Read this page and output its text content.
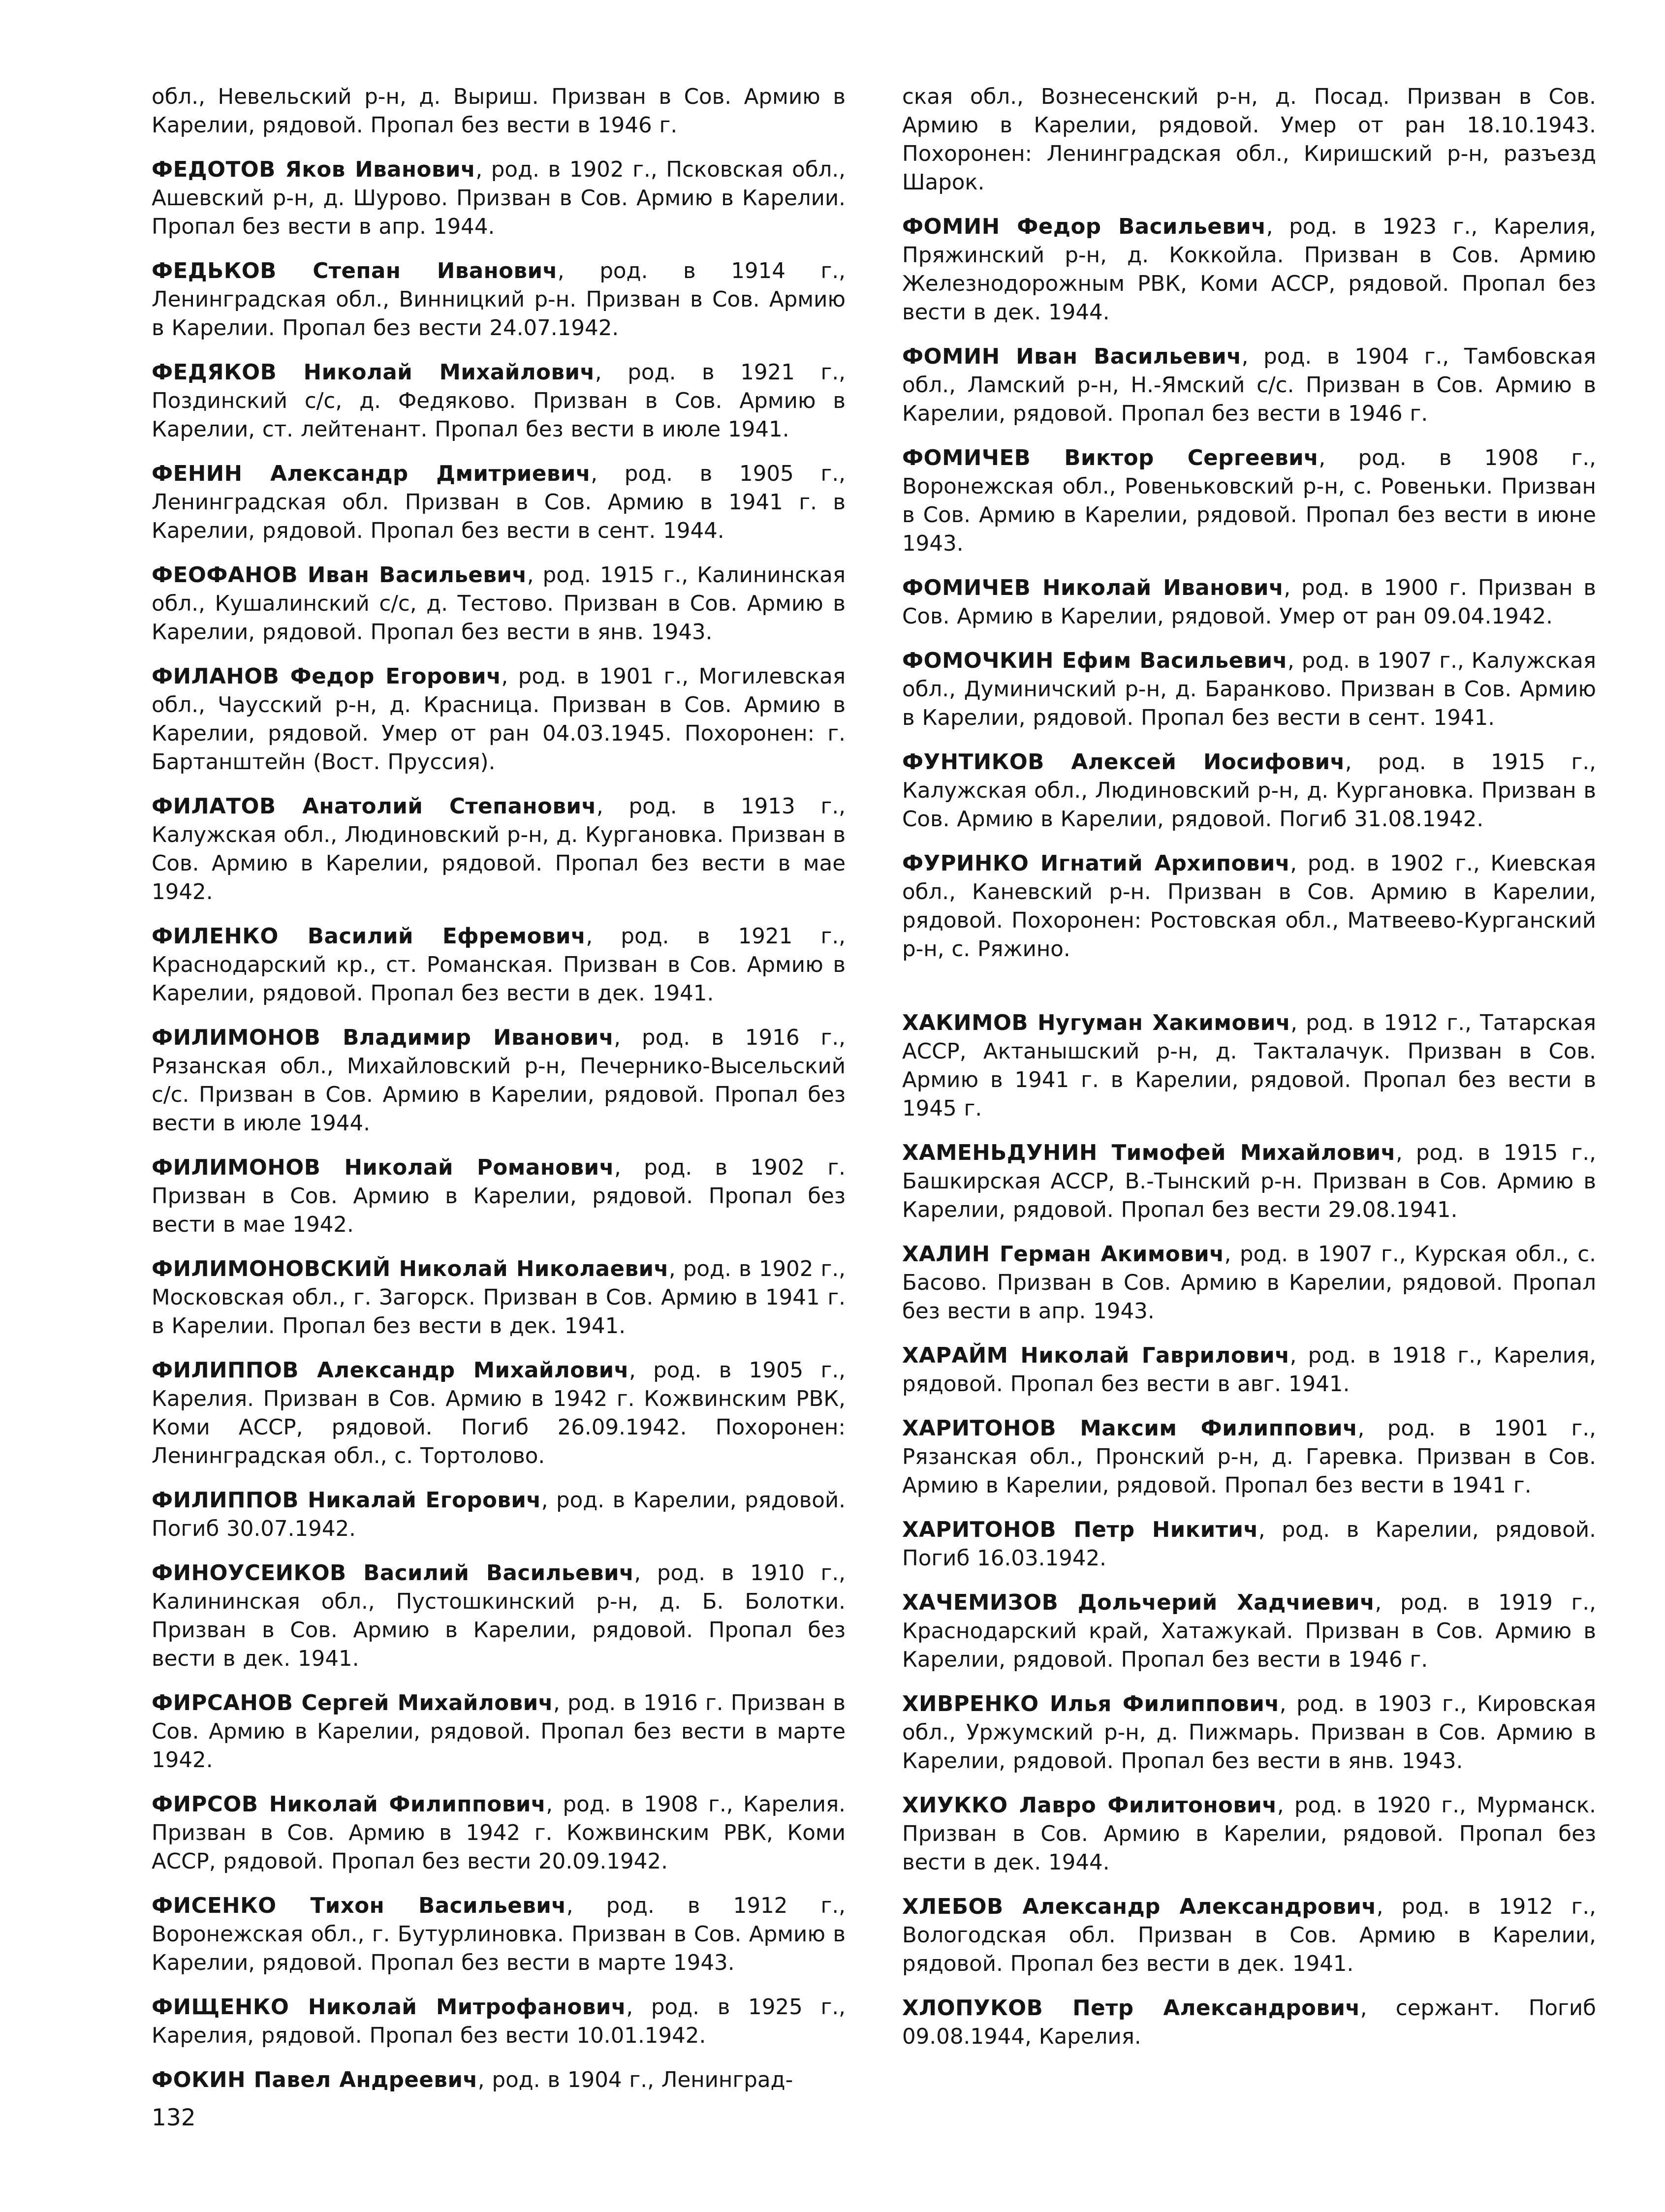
обл., Невельский р-н, д. Выриш. Призван в Сов. Армию в Карелии, рядовой. Пропал без вести в 1946 г.

ФЕДОТОВ Яков Иванович, род. в 1902 г., Псковская обл., Ашевский р-н, д. Шурово. Призван в Сов. Армию в Карелии. Пропал без вести в апр. 1944.

ФЕДЬКОВ Степан Иванович, род. в 1914 г., Ленинградская обл., Винницкий р-н. Призван в Сов. Армию в Карелии. Пропал без вести 24.07.1942.

ФЕДЯКОВ Николай Михайлович, род. в 1921 г., Поздинский с/с, д. Федяково. Призван в Сов. Армию в Карелии, ст. лейтенант. Пропал без вести в июле 1941.

ФЕНИН Александр Дмитриевич, род. в 1905 г., Ленинградская обл. Призван в Сов. Армию в 1941 г. в Карелии, рядовой. Пропал без вести в сент. 1944.

ФЕОФАНОВ Иван Васильевич, род. 1915 г., Калининская обл., Кушалинский с/с, д. Тестово. Призван в Сов. Армию в Карелии, рядовой. Пропал без вести в янв. 1943.

ФИЛАНОВ Федор Егорович, род. в 1901 г., Могилевская обл., Чаусский р-н, д. Красница. Призван в Сов. Армию в Карелии, рядовой. Умер от ран 04.03.1945. Похоронен: г. Бартанштейн (Вост. Пруссия).

ФИЛАТОВ Анатолий Степанович, род. в 1913 г., Калужская обл., Людиновский р-н, д. Кургановка. Призван в Сов. Армию в Карелии, рядовой. Пропал без вести в мае 1942.

ФИЛЕНКО Василий Ефремович, род. в 1921 г., Краснодарский кр., ст. Романская. Призван в Сов. Армию в Карелии, рядовой. Пропал без вести в дек. 1941.

ФИЛИМОНОВ Владимир Иванович, род. в 1916 г., Рязанская обл., Михайловский р-н, Печернико-Высельский с/с. Призван в Сов. Армию в Карелии, рядовой. Пропал без вести в июле 1944.

ФИЛИМОНОВ Николай Романович, род. в 1902 г. Призван в Сов. Армию в Карелии, рядовой. Пропал без вести в мае 1942.

ФИЛИМОНОВСКИЙ Николай Николаевич, род. в 1902 г., Московская обл., г. Загорск. Призван в Сов. Армию в 1941 г. в Карелии. Пропал без вести в дек. 1941.

ФИЛИППОВ Александр Михайлович, род. в 1905 г., Карелия. Призван в Сов. Армию в 1942 г. Кожвинским РВК, Коми АССР, рядовой. Погиб 26.09.1942. Похоронен: Ленинградская обл., с. Тортолово.

ФИЛИППОВ Никалай Егорович, род. в Карелии, рядовой. Погиб 30.07.1942.

ФИНОУСЕИКОВ Василий Васильевич, род. в 1910 г., Калининская обл., Пустошкинский р-н, д. Б. Болотки. Призван в Сов. Армию в Карелии, рядовой. Пропал без вести в дек. 1941.

ФИРСАНОВ Сергей Михайлович, род. в 1916 г. Призван в Сов. Армию в Карелии, рядовой. Пропал без вести в марте 1942.

ФИРСОВ Николай Филиппович, род. в 1908 г., Карелия. Призван в Сов. Армию в 1942 г. Кожвинским РВК, Коми АССР, рядовой. Пропал без вести 20.09.1942.

ФИСЕНКО Тихон Васильевич, род. в 1912 г., Воронежская обл., г. Бутурлиновка. Призван в Сов. Армию в Карелии, рядовой. Пропал без вести в марте 1943.

ФИЩЕНКО Николай Митрофанович, род. в 1925 г., Карелия, рядовой. Пропал без вести 10.01.1942.

ФОКИН Павел Андреевич, род. в 1904 г., Ленинград-

ская обл., Вознесенский р-н, д. Посад. Призван в Сов. Армию в Карелии, рядовой. Умер от ран 18.10.1943. Похоронен: Ленинградская обл., Киришский р-н, разъезд Шарок.

ФОМИН Федор Васильевич, род. в 1923 г., Карелия, Пряжинский р-н, д. Коккойла. Призван в Сов. Армию Железнодорожным РВК, Коми АССР, рядовой. Пропал без вести в дек. 1944.

ФОМИН Иван Васильевич, род. в 1904 г., Тамбовская обл., Ламский р-н, Н.-Ямский с/с. Призван в Сов. Армию в Карелии, рядовой. Пропал без вести в 1946 г.

ФОМИЧЕВ Виктор Сергеевич, род. в 1908 г., Воронежская обл., Ровеньковский р-н, с. Ровеньки. Призван в Сов. Армию в Карелии, рядовой. Пропал без вести в июне 1943.

ФОМИЧЕВ Николай Иванович, род. в 1900 г. Призван в Сов. Армию в Карелии, рядовой. Умер от ран 09.04.1942.

ФОМОЧКИН Ефим Васильевич, род. в 1907 г., Калужская обл., Думиничский р-н, д. Баранково. Призван в Сов. Армию в Карелии, рядовой. Пропал без вести в сент. 1941.

ФУНТИКОВ Алексей Иосифович, род. в 1915 г., Калужская обл., Людиновский р-н, д. Кургановка. Призван в Сов. Армию в Карелии, рядовой. Погиб 31.08.1942.

ФУРИНКО Игнатий Архипович, род. в 1902 г., Киевская обл., Каневский р-н. Призван в Сов. Армию в Карелии, рядовой. Похоронен: Ростовская обл., Матвеево-Курганский р-н, с. Ряжино.

ХАКИМОВ Нугуман Хакимович, род. в 1912 г., Татарская АССР, Актанышский р-н, д. Такталачук. Призван в Сов. Армию в 1941 г. в Карелии, рядовой. Пропал без вести в 1945 г.

ХАМЕНЬДУНИН Тимофей Михайлович, род. в 1915 г., Башкирская АССР, В.-Тынский р-н. Призван в Сов. Армию в Карелии, рядовой. Пропал без вести 29.08.1941.

ХАЛИН Герман Акимович, род. в 1907 г., Курская обл., с. Басово. Призван в Сов. Армию в Карелии, рядовой. Пропал без вести в апр. 1943.

ХАРАЙМ Николай Гаврилович, род. в 1918 г., Карелия, рядовой. Пропал без вести в авг. 1941.

ХАРИТОНОВ Максим Филиппович, род. в 1901 г., Рязанская обл., Пронский р-н, д. Гаревка. Призван в Сов. Армию в Карелии, рядовой. Пропал без вести в 1941 г.

ХАРИТОНОВ Петр Никитич, род. в Карелии, рядовой. Погиб 16.03.1942.

ХАЧЕМИЗОВ Дольчерий Хадчиевич, род. в 1919 г., Краснодарский край, Хатажукай. Призван в Сов. Армию в Карелии, рядовой. Пропал без вести в 1946 г.

ХИВРЕНКО Илья Филиппович, род. в 1903 г., Кировская обл., Уржумский р-н, д. Пижмарь. Призван в Сов. Армию в Карелии, рядовой. Пропал без вести в янв. 1943.

ХИУККО Лавро Филитонович, род. в 1920 г., Мурманск. Призван в Сов. Армию в Карелии, рядовой. Пропал без вести в дек. 1944.

ХЛЕБОВ Александр Александрович, род. в 1912 г., Вологодская обл. Призван в Сов. Армию в Карелии, рядовой. Пропал без вести в дек. 1941.

ХЛОПУКОВ Петр Александрович, сержант. Погиб 09.08.1944, Карелия.

132
